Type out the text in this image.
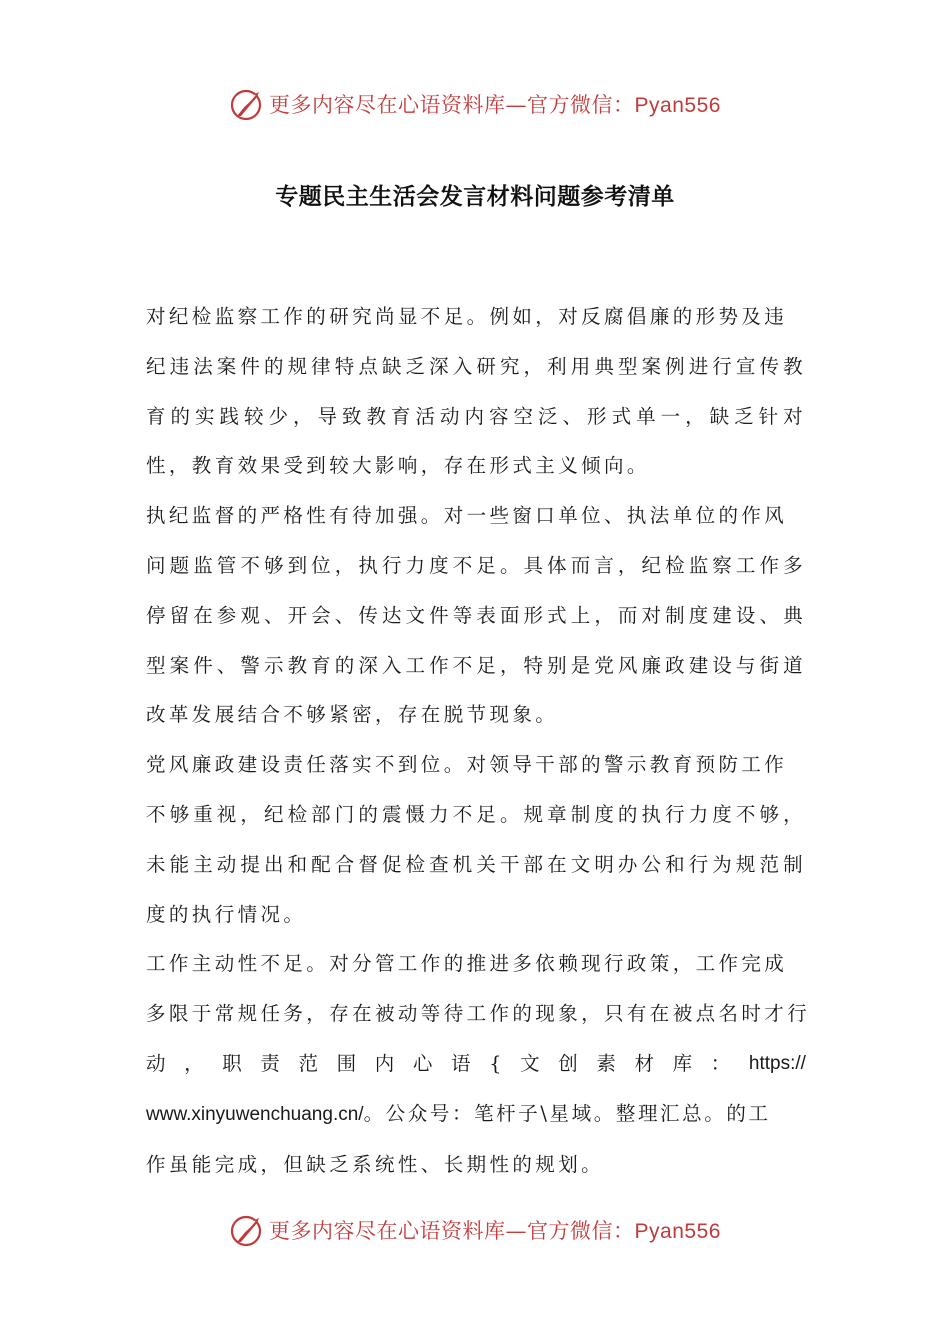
更多内容尽在心语资料库—官方微信：Pyan556
专题民主生活会发言材料问题参考清单

对纪检监察工作的研究尚显不足。例如，对反腐倡廉的形势及违
纪违法案件的规律特点缺乏深入研究，利用典型案例进行宣传教育的实践较少，导致教育活动内容空泛、形式单一，缺乏针对性，教育效果受到较大影响，存在形式主义倾向。

执纪监督的严格性有待加强。对一些窗口单位、执法单位的作风
问题监管不够到位，执行力度不足。具体而言，纪检监察工作多停留在参观、开会、传达文件等表面形式上，而对制度建设、典型案件、警示教育的深入工作不足，特别是党风廉政建设与街道改革发展结合不够紧密，存在脱节现象。

党风廉政建设责任落实不到位。对领导干部的警示教育预防工作
不够重视，纪检部门的震慑力不足。规章制度的执行力度不够，未能主动提出和配合督促检查机关干部在文明办公和行为规范制度的执行情况。

工作主动性不足。对分管工作的推进多依赖现行政策，工作完成
多限于常规任务，存在被动等待工作的现象，只有在被点名时才行
动 ， 职 责 范 围 内 心 语 { 文 创 素 材 库 ： https://
www.xinyuwenchuang.cn/。公众号：笔杆子\星域。整理汇总。的工
作虽能完成，但缺乏系统性、长期性的规划。
更多内容尽在心语资料库—官方微信：Pyan556
